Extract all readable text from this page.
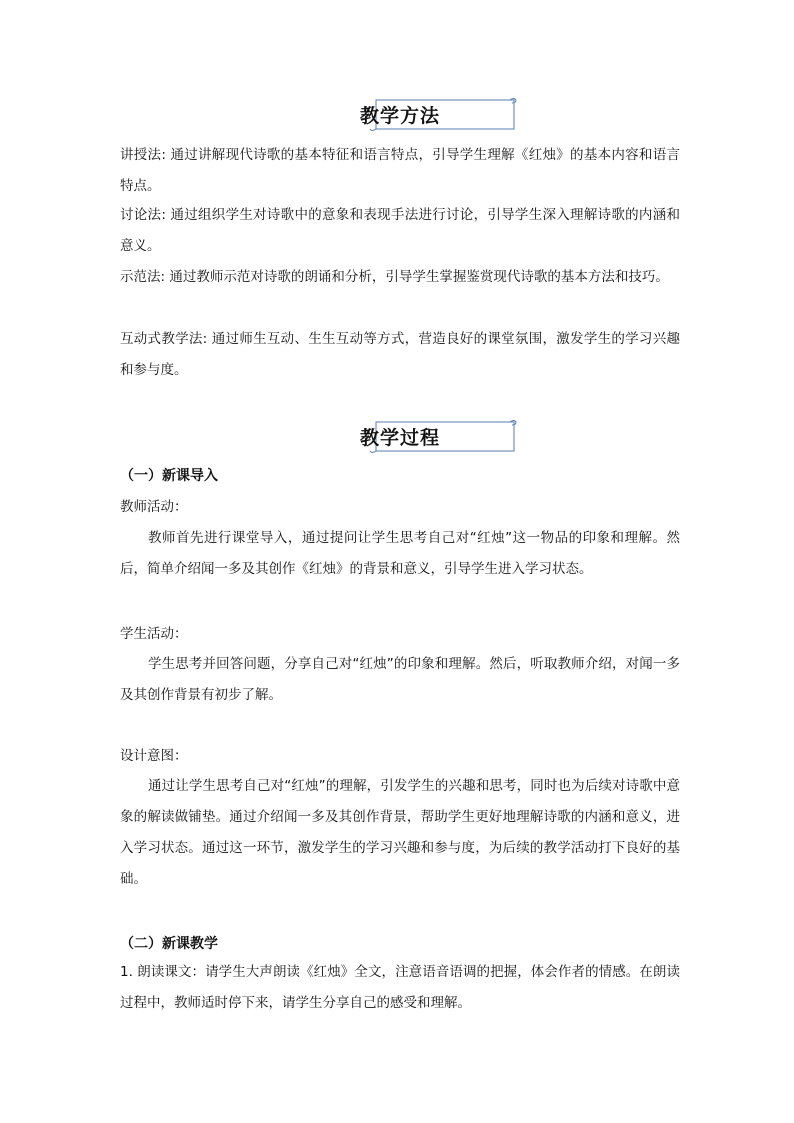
教学方法

讲授法: 通过讲解现代诗歌的基本特征和语言特点，引导学生理解《红烛》的基本内容和语言特点。

讨论法: 通过组织学生对诗歌中的意象和表现手法进行讨论，引导学生深入理解诗歌的内涵和意义。

示范法: 通过教师示范对诗歌的朗诵和分析，引导学生掌握鉴赏现代诗歌的基本方法和技巧。

互动式教学法: 通过师生互动、生生互动等方式，营造良好的课堂氛围，激发学生的学习兴趣和参与度。

教学过程

（一）新课导入

教师活动：

教师首先进行课堂导入，通过提问让学生思考自己对“红烛”这一物品的印象和理解。然后，简单介绍闻一多及其创作《红烛》的背景和意义，引导学生进入学习状态。

学生活动：

学生思考并回答问题，分享自己对“红烛”的印象和理解。然后，听取教师介绍，对闻一多及其创作背景有初步了解。

设计意图：

通过让学生思考自己对“红烛”的理解，引发学生的兴趣和思考，同时也为后续对诗歌中意象的解读做铺垫。通过介绍闻一多及其创作背景，帮助学生更好地理解诗歌的内涵和意义，进入学习状态。通过这一环节，激发学生的学习兴趣和参与度，为后续的教学活动打下良好的基础。

（二）新课教学

1. 朗读课文：请学生大声朗读《红烛》全文，注意语音语调的把握，体会作者的情感。在朗读过程中，教师适时停下来，请学生分享自己的感受和理解。
